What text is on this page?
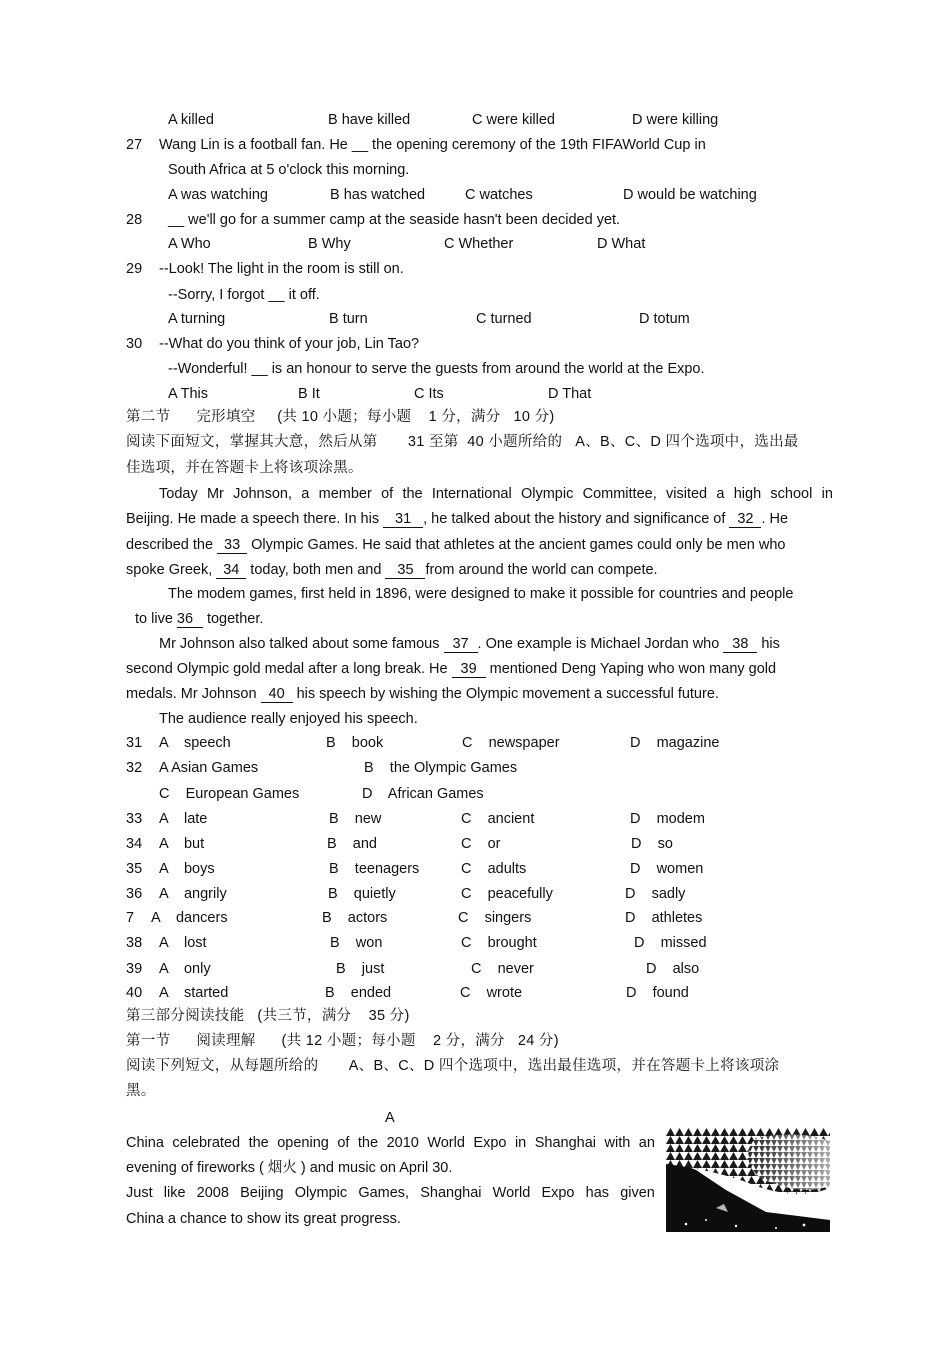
A killed	B have killed	C were killed	D were killing
27 Wang Lin is a football fan. He __ the opening ceremony of the 19th FIFAWorld Cup in
South Africa at 5 o'clock this morning.
A was watching	B has watched	C watches	D would be watching
28 __ we'll go for a summer camp at the seaside hasn't been decided yet.
A Who	B Why	C Whether	D What
29 --Look! The light in the room is still on.
--Sorry, I forgot __ it off.
A turning	B turn	C turned	D totum
30 --What do you think of your job, Lin Tao?
--Wonderful! __ is an honour to serve the guests from around the world at the Expo.
A This	B It	C Its	D That
第二节      完形填空     (共 10 小题；每小题    1 分，满分   10 分)
阅读下面短文，掌握其大意，然后从第       31 至第  40 小题所给的   A、B、C、D 四个选项中，选出最
佳选项，并在答题卡上将该项涂黑。
Today Mr Johnson, a member of the International Olympic Committee, visited a high school in
Beijing. He made a speech there. In his 31 , he talked about the history and significance of 32 . He
described the 33 Olympic Games. He said that athletes at the ancient games could only be men who
spoke Greek, 34 today, both men and 35 from around the world can compete.
The modem games, first held in 1896, were designed to make it possible for countries and people
to live 36 together.
Mr Johnson also talked about some famous 37 . One example is Michael Jordan who 38 his
second Olympic gold medal after a long break. He 39 mentioned Deng Yaping who won many gold
medals. Mr Johnson 40 his speech by wishing the Olympic movement a successful future.
The audience really enjoyed his speech.
31 A    speech	B    book	C    newspaper	D    magazine
32 A Asian Games	B    the Olympic Games
C    European Games	D    African Games
33 A    late	B    new	C    ancient	D    modem
34 A    but	B    and	C    or	D    so
35 A    boys	B    teenagers	C    adults	D    women
36 A    angrily	B    quietly	C    peacefully	D    sadly
7 A    dancers	B    actors	C    singers	D    athletes
38 A    lost	B    won	C    brought	D    missed
39 A    only	B    just	C    never	D    also
40 A    started	B    ended	C    wrote	D    found
第三部分阅读技能   (共三节，满分    35 分)
第一节      阅读理解      (共 12 小题；每小题    2 分，满分   24 分)
阅读下列短文，从每题所给的       A、B、C、D 四个选项中，选出最佳选项，并在答题卡上将该项涂
黑。
A
China celebrated the opening of the 2010 World Expo in Shanghai with an
evening of fireworks ( 烟火 ) and music on April 30.
Just like 2008 Beijing Olympic Games, Shanghai World Expo has given
China a chance to show its great progress.
